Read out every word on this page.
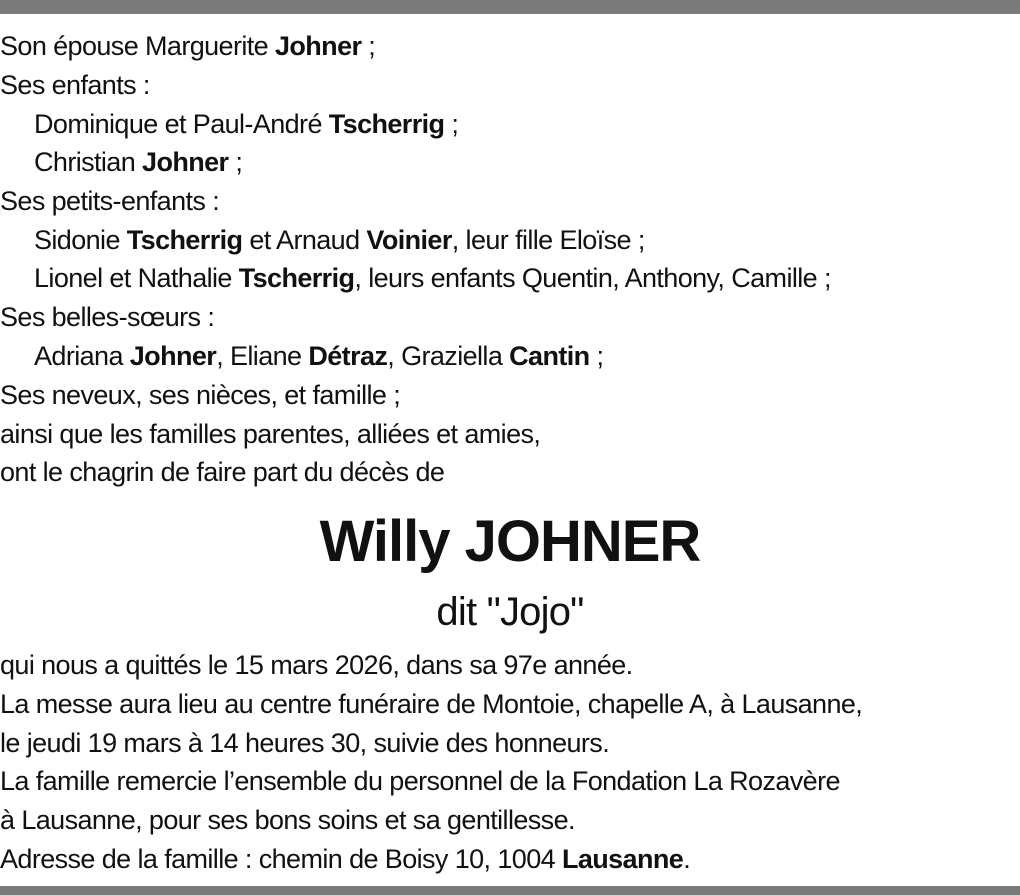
Son épouse Marguerite Johner ;

Ses enfants :

Dominique et Paul-André Tscherrig ;

Christian Johner ;

Ses petits-enfants :

Sidonie Tscherrig et Arnaud Voinier, leur fille Eloïse ;

Lionel et Nathalie Tscherrig, leurs enfants Quentin, Anthony, Camille ;

Ses belles-sœurs :

Adriana Johner, Eliane Détraz, Graziella Cantin ;

Ses neveux, ses nièces, et famille ;

ainsi que les familles parentes, alliées et amies,

ont le chagrin de faire part du décès de

Willy JOHNER

dit "Jojo"

qui nous a quittés le 15 mars 2026, dans sa 97e année.

La messe aura lieu au centre funéraire de Montoie, chapelle A, à Lausanne,

le jeudi 19 mars à 14 heures 30, suivie des honneurs.

La famille remercie l’ensemble du personnel de la Fondation La Rozavère

à Lausanne, pour ses bons soins et sa gentillesse.

Adresse de la famille : chemin de Boisy 10, 1004 Lausanne.
